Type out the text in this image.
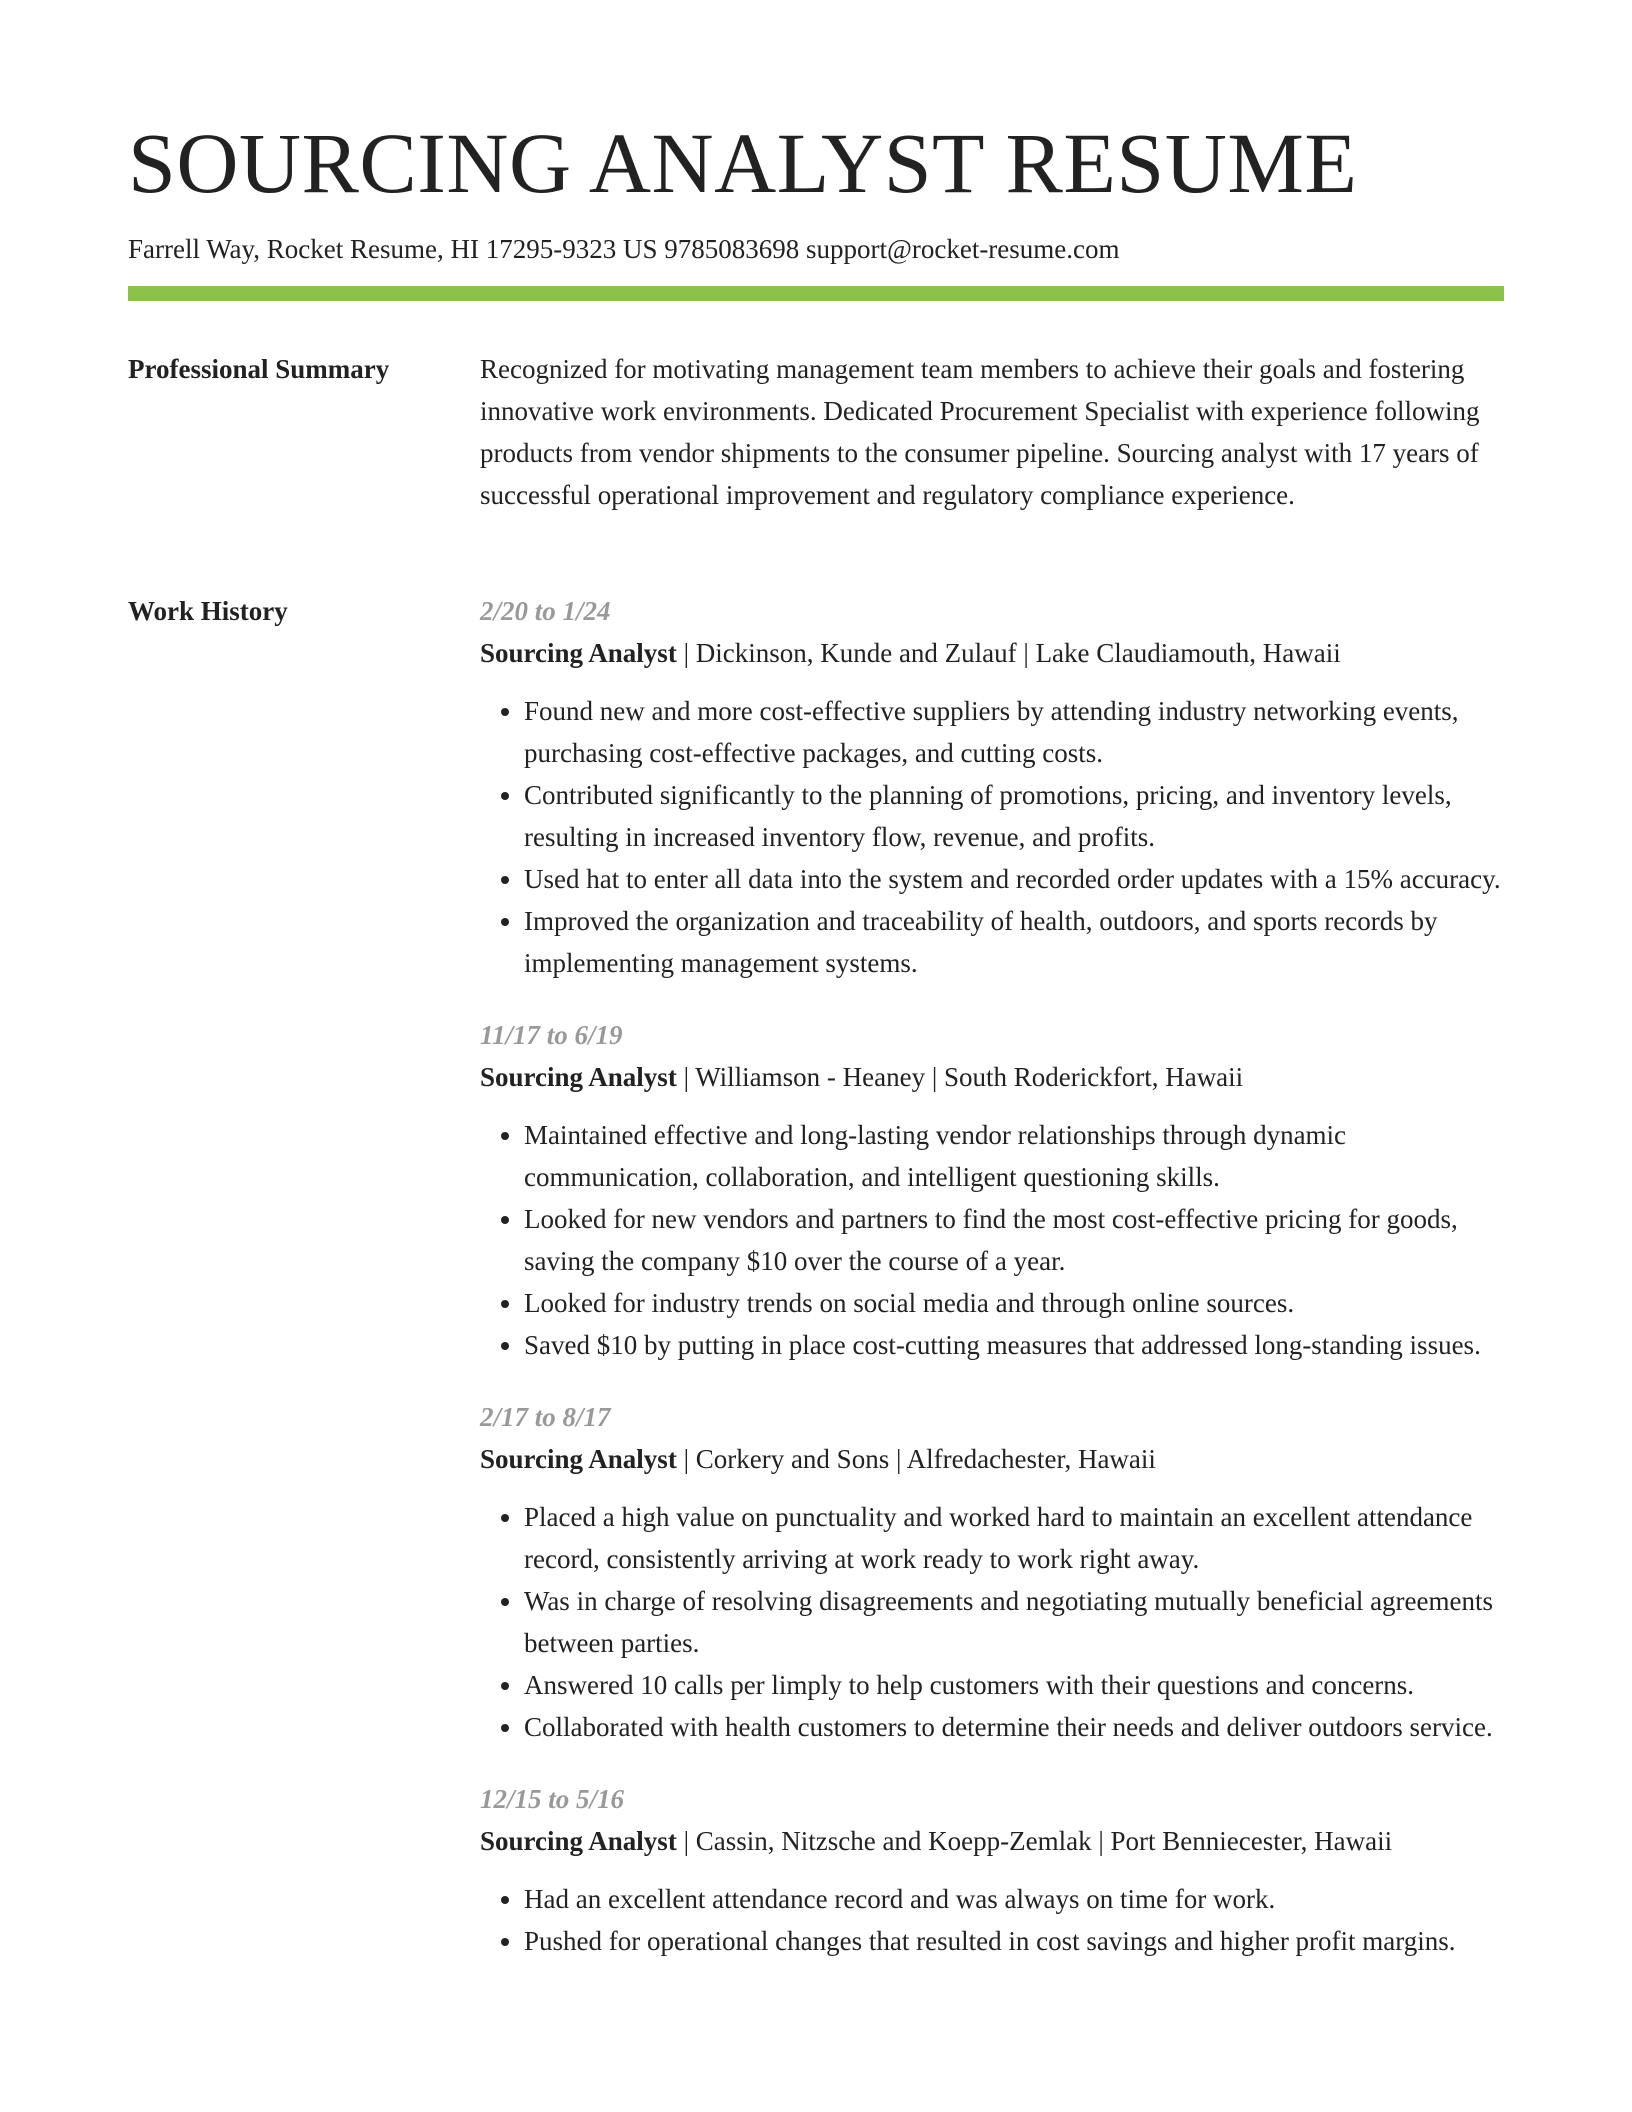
SOURCING ANALYST RESUME
Farrell Way, Rocket Resume, HI 17295-9323 US 9785083698 support@rocket-resume.com
Professional Summary	Recognized for motivating management team members to achieve their goals and fostering innovative work environments. Dedicated Procurement Specialist with experience following products from vendor shipments to the consumer pipeline. Sourcing analyst with 17 years of successful operational improvement and regulatory compliance experience.

Work History	2/20 to 1/24
Sourcing Analyst | Dickinson, Kunde and Zulauf | Lake Claudiamouth, Hawaii
• Found new and more cost-effective suppliers by attending industry networking events, purchasing cost-effective packages, and cutting costs.
• Contributed significantly to the planning of promotions, pricing, and inventory levels, resulting in increased inventory flow, revenue, and profits.
• Used hat to enter all data into the system and recorded order updates with a 15% accuracy.
• Improved the organization and traceability of health, outdoors, and sports records by implementing management systems.
11/17 to 6/19
Sourcing Analyst | Williamson - Heaney | South Roderickfort, Hawaii
• Maintained effective and long-lasting vendor relationships through dynamic communication, collaboration, and intelligent questioning skills.
• Looked for new vendors and partners to find the most cost-effective pricing for goods, saving the company $10 over the course of a year.
• Looked for industry trends on social media and through online sources.
• Saved $10 by putting in place cost-cutting measures that addressed long-standing issues.
2/17 to 8/17
Sourcing Analyst | Corkery and Sons | Alfredachester, Hawaii
• Placed a high value on punctuality and worked hard to maintain an excellent attendance record, consistently arriving at work ready to work right away.
• Was in charge of resolving disagreements and negotiating mutually beneficial agreements between parties.
• Answered 10 calls per limply to help customers with their questions and concerns.
• Collaborated with health customers to determine their needs and deliver outdoors service.
12/15 to 5/16
Sourcing Analyst | Cassin, Nitzsche and Koepp-Zemlak | Port Benniecester, Hawaii
• Had an excellent attendance record and was always on time for work.
• Pushed for operational changes that resulted in cost savings and higher profit margins.
